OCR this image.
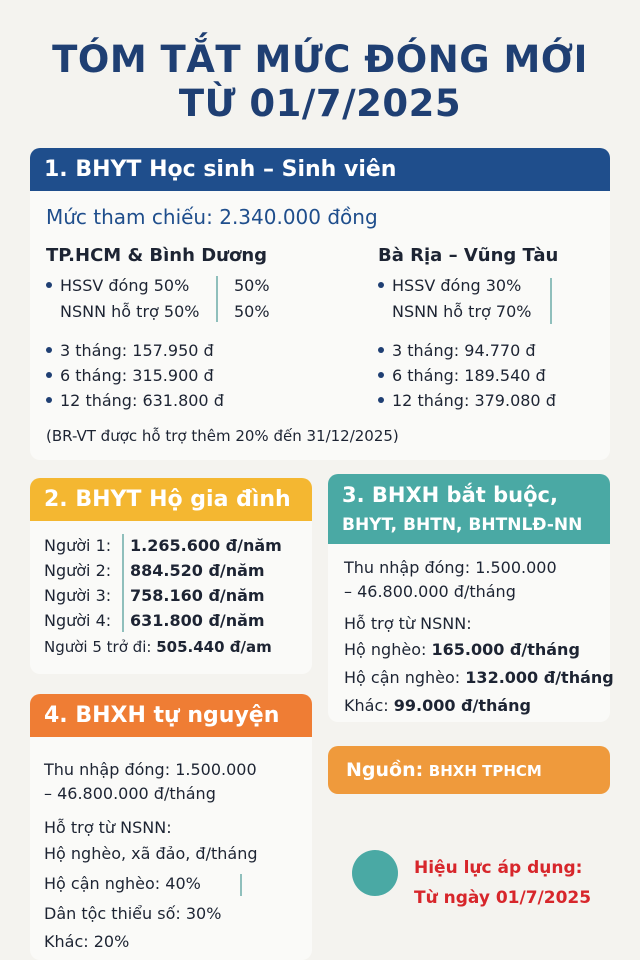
TÓM TẮT MỨC ĐÓNG MỚI
TỪ 01/7/2025
1. BHYT Học sinh – Sinh viên
Mức tham chiếu: 2.340.000 đồng
TP.HCM & Bình Dương
HSSV đóng 50%
NSNN hỗ trợ 50%
50%
50%
3 tháng: 157.950 đ
6 tháng: 315.900 đ
12 tháng: 631.800 đ
Bà Rịa – Vũng Tàu
HSSV đóng 30%
NSNN hỗ trợ 70%
3 tháng: 94.770 đ
6 tháng: 189.540 đ
12 tháng: 379.080 đ
(BR-VT được hỗ trợ thêm 20% đến 31/12/2025)
2. BHYT Hộ gia đình
Người 1: 1.265.600 đ/năm
Người 2: 884.520 đ/năm
Người 3: 758.160 đ/năm
Người 4: 631.800 đ/năm
Người 5 trở đi: 505.440 đ/am
3. BHXH bắt buộc,
BHYT, BHTN, BHTNLĐ-NN
Thu nhập đóng: 1.500.000
– 46.800.000 đ/tháng
Hỗ trợ từ NSNN:
Hộ nghèo: 165.000 đ/tháng
Hộ cận nghèo: 132.000 đ/tháng
Khác: 99.000 đ/tháng
4. BHXH tự nguyện
Thu nhập đóng: 1.500.000
– 46.800.000 đ/tháng
Hỗ trợ từ NSNN:
Hộ nghèo, xã đảo, đ/tháng
Hộ cận nghèo: 40%
Dân tộc thiểu số: 30%
Khác: 20%
Nguồn: BHXH TPHCM
Hiệu lực áp dụng:
Từ ngày 01/7/2025
